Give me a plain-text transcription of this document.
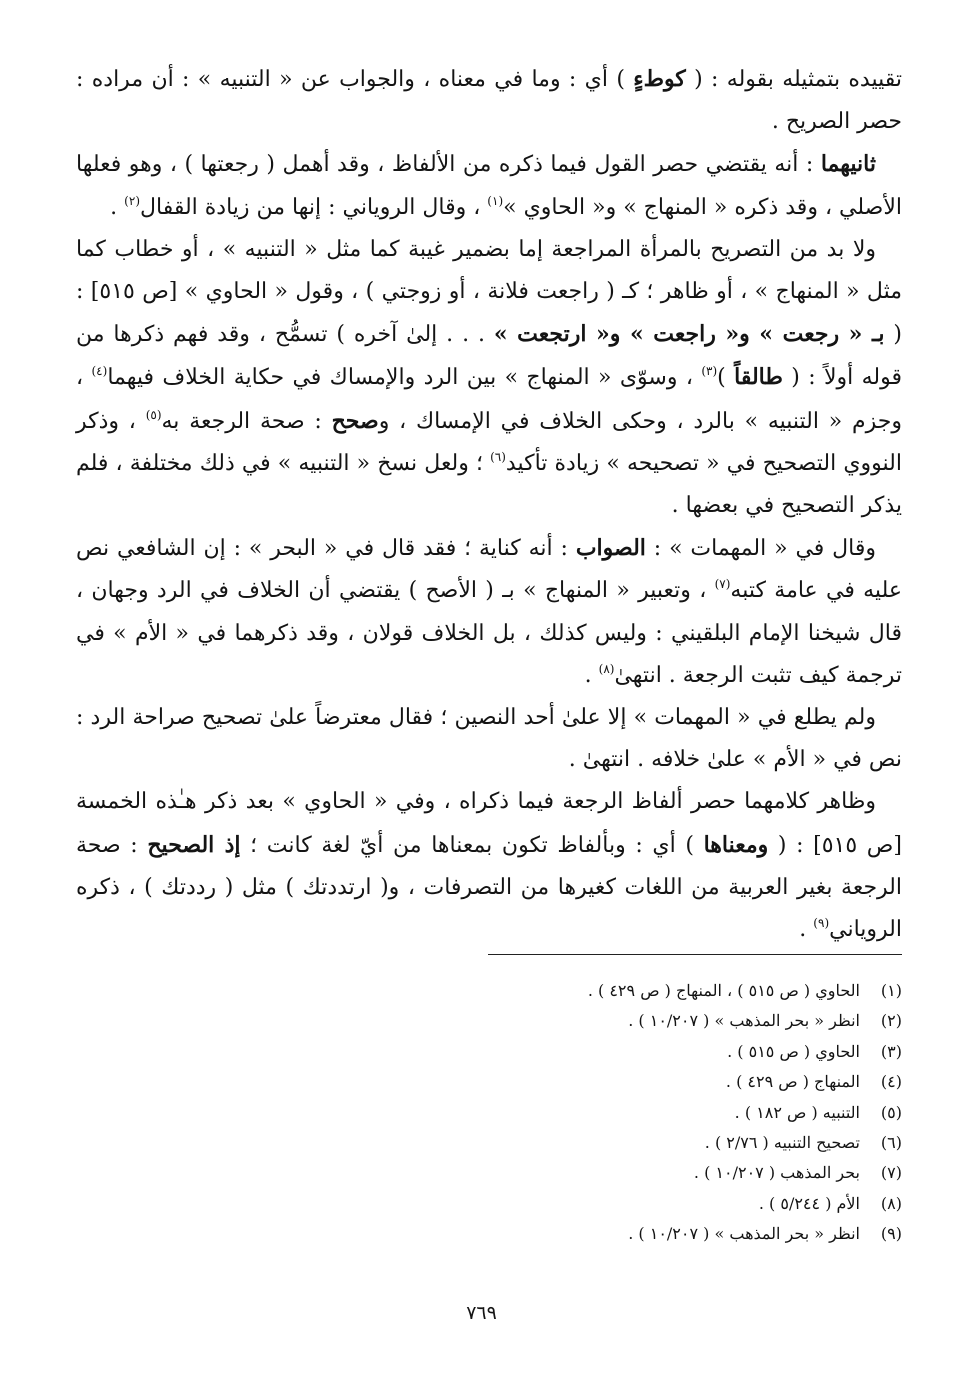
تقييده بتمثيله بقوله : ( كوطءٍ ) أي : وما في معناه ، والجواب عن « التنبيه » : أن مراده : حصر الصريح .

ثانيهما : أنه يقتضي حصر القول فيما ذكره من الألفاظ ، وقد أهمل ( رجعتها ) ، وهو فعلها الأصلي ، وقد ذكره « المنهاج » و« الحاوي »$^{(١)}$ ، وقال الروياني : إنها من زيادة القفال$^{(٢)}$ .

ولا بد من التصريح بالمرأة المراجعة إما بضمير غيبة كما مثل « التنبيه » ، أو خطاب كما مثل « المنهاج » ، أو ظاهر ؛ كـ ( راجعت فلانة ، أو زوجتي ) ، وقول « الحاوي » [ص ٥١٥] : ( بـ « رجعت » و« راجعت » و« ارتجعت » . . . إلىٰ آخره ) تسمُّح ، وقد فهم ذكرها من قوله أولاً : ( طالقاً )$^{(٣)}$ ، وسوّى « المنهاج » بين الرد والإمساك في حكاية الخلاف فيهما$^{(٤)}$ ، وجزم « التنبيه » بالرد ، وحكى الخلاف في الإمساك ، وصحح : صحة الرجعة به$^{(٥)}$ ، وذكر النووي التصحيح في « تصحيحه » زيادة تأكيد$^{(٦)}$ ؛ ولعل نسخ « التنبيه » في ذلك مختلفة ، فلم يذكر التصحيح في بعضها .

وقال في « المهمات » : الصواب : أنه كناية ؛ فقد قال في « البحر » : إن الشافعي نص عليه في عامة كتبه$^{(٧)}$ ، وتعبير « المنهاج » بـ ( الأصح ) يقتضي أن الخلاف في الرد وجهان ، قال شيخنا الإمام البلقيني : وليس كذلك ، بل الخلاف قولان ، وقد ذكرهما في « الأم » في ترجمة كيف تثبت الرجعة . انتهىٰ$^{(٨)}$ .

ولم يطلع في « المهمات » إلا علىٰ أحد النصين ؛ فقال معترضاً علىٰ تصحيح صراحة الرد : نص في « الأم » علىٰ خلافه . انتهىٰ .

وظاهر كلامهما حصر ألفاظ الرجعة فيما ذكراه ، وفي « الحاوي » بعد ذكر هـٰذه الخمسة [ص ٥١٥] : ( ومعناها ) أي : وبألفاظ تكون بمعناها من أيّ لغة كانت ؛ إذ الصحيح : صحة الرجعة بغير العربية من اللغات كغيرها من التصرفات ، و( ارتددتك ) مثل ( رددتك ) ، ذكره الروياني$^{(٩)}$ .

(١)الحاوي ( ص ٥١٥ ) ، المنهاج ( ص ٤٢٩ ) .
(٢)انظر « بحر المذهب » ( ١٠/٢٠٧ ) .
(٣)الحاوي ( ص ٥١٥ ) .
(٤)المنهاج ( ص ٤٢٩ ) .
(٥)التنبيه ( ص ١٨٢ ) .
(٦)تصحيح التنبيه ( ٢/٧٦ ) .
(٧)بحر المذهب ( ١٠/٢٠٧ ) .
(٨)الأم ( ٥/٢٤٤ ) .
(٩)انظر « بحر المذهب » ( ١٠/٢٠٧ ) .
٧٦٩
